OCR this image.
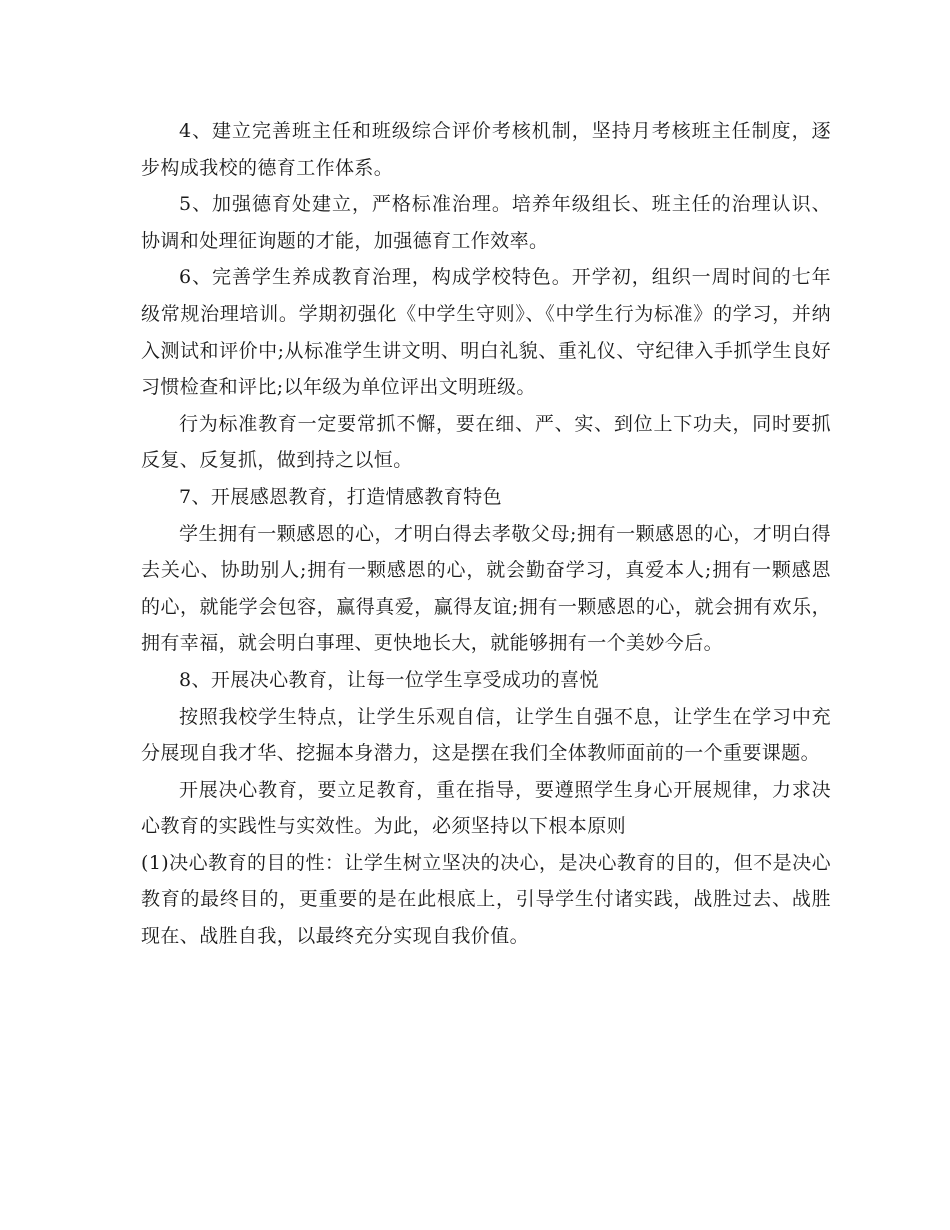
4、建立完善班主任和班级综合评价考核机制，坚持月考核班主任制度，逐步构成我校的德育工作体系。

5、加强德育处建立，严格标准治理。培养年级组长、班主任的治理认识、协调和处理征询题的才能，加强德育工作效率。

6、完善学生养成教育治理，构成学校特色。开学初，组织一周时间的七年级常规治理培训。学期初强化《中学生守则》、《中学生行为标准》的学习，并纳入测试和评价中;从标准学生讲文明、明白礼貌、重礼仪、守纪律入手抓学生良好习惯检查和评比;以年级为单位评出文明班级。

行为标准教育一定要常抓不懈，要在细、严、实、到位上下功夫，同时要抓反复、反复抓，做到持之以恒。

7、开展感恩教育，打造情感教育特色

学生拥有一颗感恩的心，才明白得去孝敬父母;拥有一颗感恩的心，才明白得去关心、协助别人;拥有一颗感恩的心，就会勤奋学习，真爱本人;拥有一颗感恩的心，就能学会包容，赢得真爱，赢得友谊;拥有一颗感恩的心，就会拥有欢乐，拥有幸福，就会明白事理、更快地长大，就能够拥有一个美妙今后。

8、开展决心教育，让每一位学生享受成功的喜悦

按照我校学生特点，让学生乐观自信，让学生自强不息，让学生在学习中充分展现自我才华、挖掘本身潜力，这是摆在我们全体教师面前的一个重要课题。

开展决心教育，要立足教育，重在指导，要遵照学生身心开展规律，力求决心教育的实践性与实效性。为此，必须坚持以下根本原则

(1)决心教育的目的性：让学生树立坚决的决心，是决心教育的目的，但不是决心教育的最终目的，更重要的是在此根底上，引导学生付诸实践，战胜过去、战胜现在、战胜自我，以最终充分实现自我价值。
